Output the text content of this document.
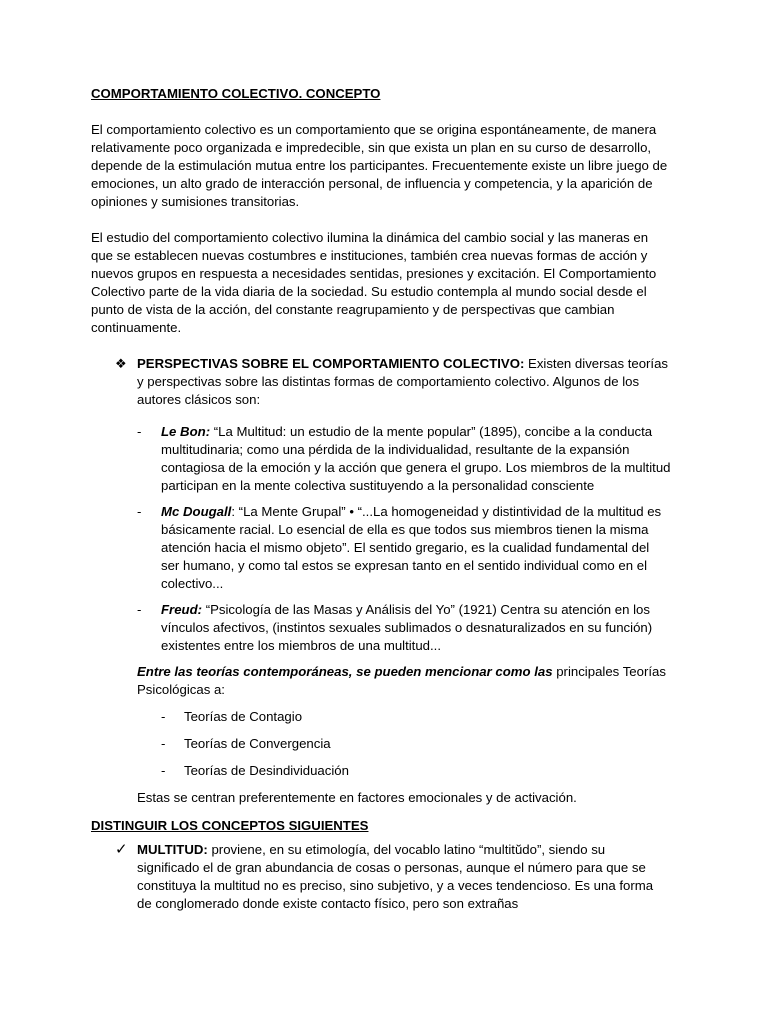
COMPORTAMIENTO COLECTIVO. CONCEPTO

El comportamiento colectivo es un comportamiento que se origina espontáneamente, de manera relativamente poco organizada e impredecible, sin que exista un plan en su curso de desarrollo, depende de la estimulación mutua entre los participantes. Frecuentemente existe un libre juego de emociones, un alto grado de interacción personal, de influencia y competencia, y la aparición de opiniones y sumisiones transitorias.

El estudio del comportamiento colectivo ilumina la dinámica del cambio social y las maneras en que se establecen nuevas costumbres e instituciones, también crea nuevas formas de acción y nuevos grupos en respuesta a necesidades sentidas, presiones y excitación. El Comportamiento Colectivo parte de la vida diaria de la sociedad. Su estudio contempla al mundo social desde el punto de vista de la acción, del constante reagrupamiento y de perspectivas que cambian continuamente.

❖ PERSPECTIVAS SOBRE EL COMPORTAMIENTO COLECTIVO: Existen diversas teorías y perspectivas sobre las distintas formas de comportamiento colectivo. Algunos de los autores clásicos son:
- Le Bon: “La Multitud: un estudio de la mente popular” (1895), concibe a la conducta multitudinaria; como una pérdida de la individualidad, resultante de la expansión contagiosa de la emoción y la acción que genera el grupo. Los miembros de la multitud participan en la mente colectiva sustituyendo a la personalidad consciente
- Mc Dougall: “La Mente Grupal” • “...La homogeneidad y distintividad de la multitud es básicamente racial. Lo esencial de ella es que todos sus miembros tienen la misma atención hacia el mismo objeto”. El sentido gregario, es la cualidad fundamental del ser humano, y como tal estos se expresan tanto en el sentido individual como en el colectivo...
- Freud: “Psicología de las Masas y Análisis del Yo” (1921) Centra su atención en los vínculos afectivos, (instintos sexuales sublimados o desnaturalizados en su función) existentes entre los miembros de una multitud...

Entre las teorías contemporáneas, se pueden mencionar como las principales Teorías Psicológicas a:

- Teorías de Contagio
- Teorías de Convergencia
- Teorías de Desindividuación

Estas se centran preferentemente en factores emocionales y de activación.

DISTINGUIR LOS CONCEPTOS SIGUIENTES
✓ MULTITUD: proviene, en su etimología, del vocablo latino “multitŭdo”, siendo su significado el de gran abundancia de cosas o personas, aunque el número para que se constituya la multitud no es preciso, sino subjetivo, y a veces tendencioso. Es una forma de conglomerado donde existe contacto físico, pero son extrañas
